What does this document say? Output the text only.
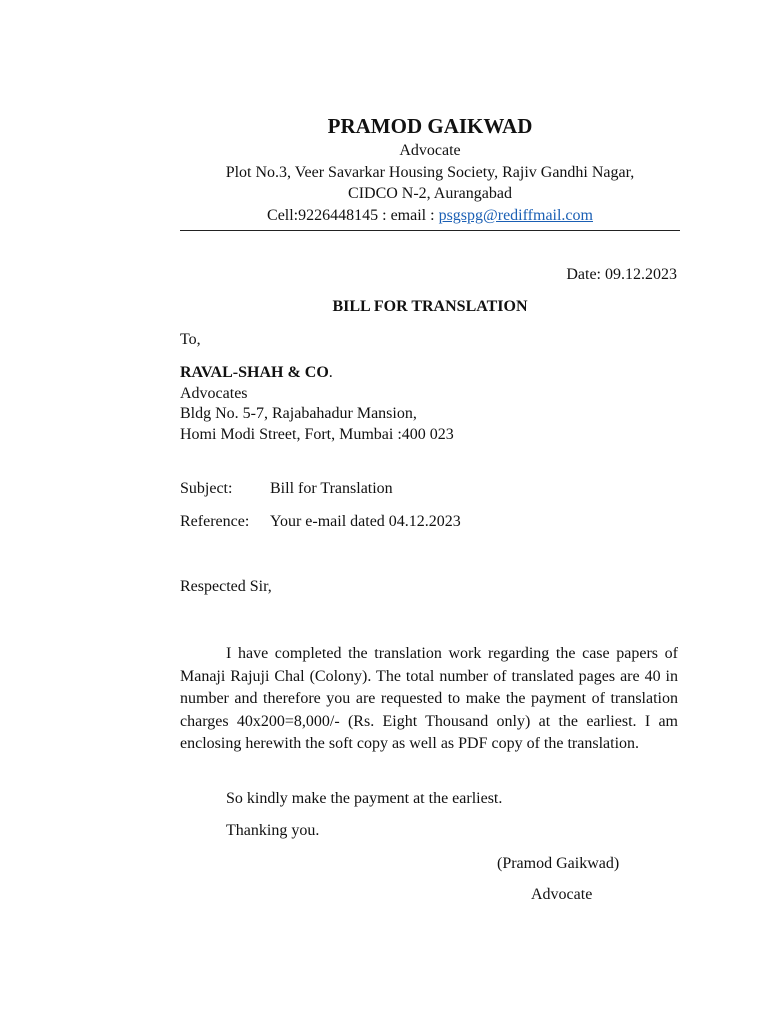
PRAMOD GAIKWAD
Advocate
Plot No.3, Veer Savarkar Housing Society, Rajiv Gandhi Nagar,
CIDCO N-2, Aurangabad
Cell:9226448145 : email : psgspg@rediffmail.com
Date: 09.12.2023
BILL FOR TRANSLATION
To,
RAVAL-SHAH & CO.
Advocates
Bldg No. 5-7, Rajabahadur Mansion,
Homi Modi Street, Fort, Mumbai :400 023
Subject: Bill for Translation
Reference: Your e-mail dated 04.12.2023
Respected Sir,
I have completed the translation work regarding the case papers of Manaji Rajuji Chal (Colony). The total number of translated pages are 40 in number and therefore you are requested to make the payment of translation charges 40x200=8,000/- (Rs. Eight Thousand only) at the earliest. I am enclosing herewith the soft copy as well as PDF copy of the translation.
So kindly make the payment at the earliest.
Thanking you.
(Pramod Gaikwad)
Advocate
